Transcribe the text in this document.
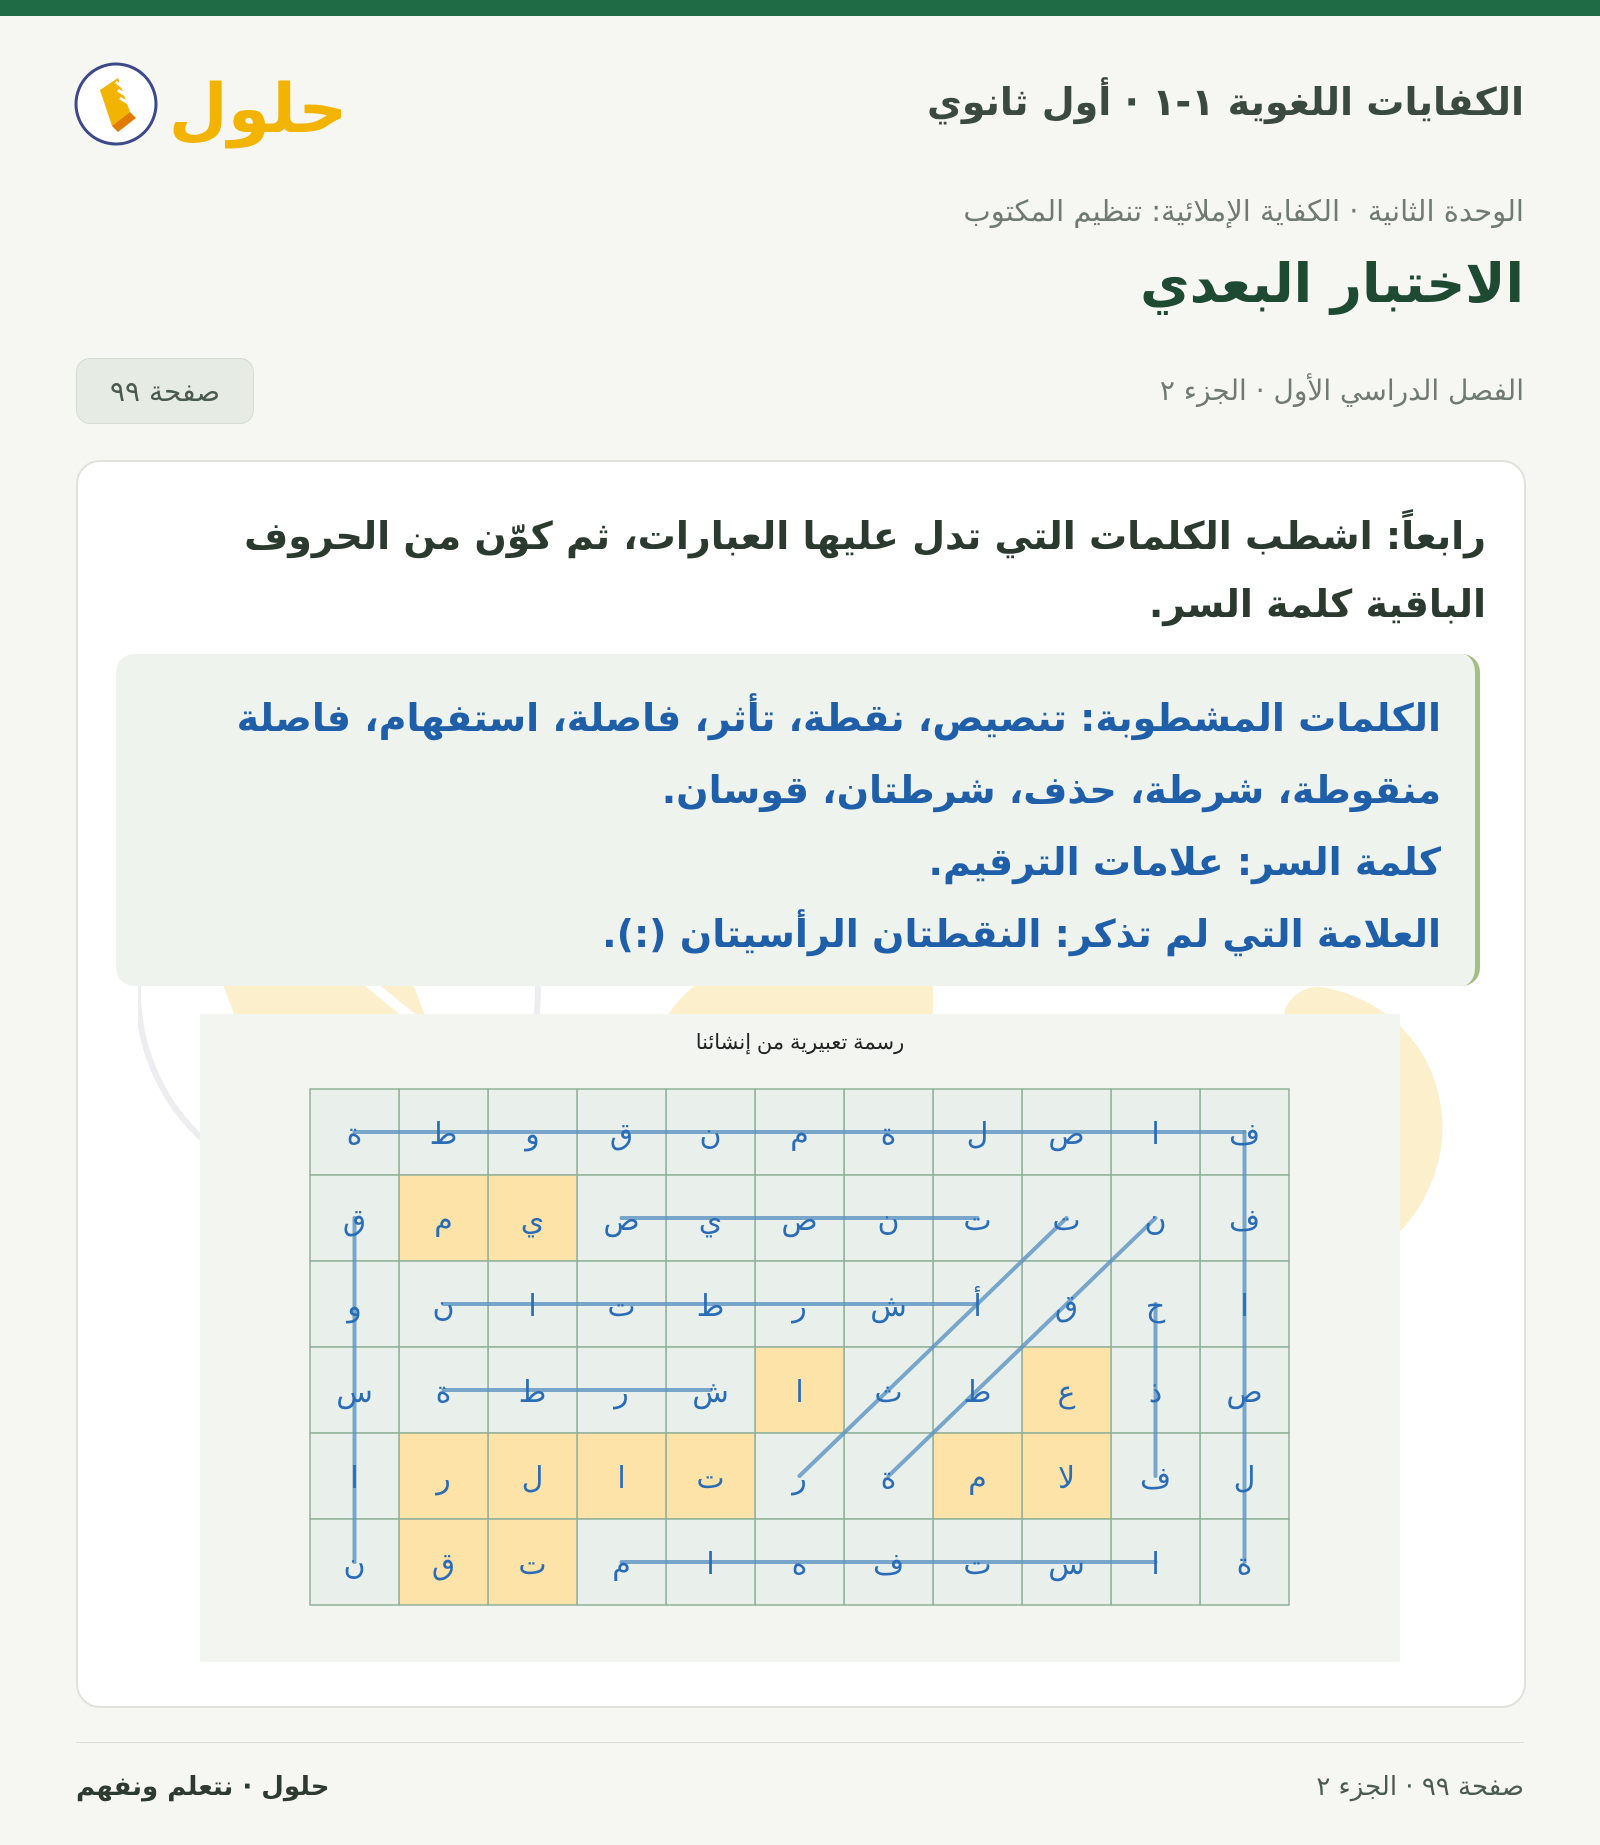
الكفايات اللغوية ١-١ · أول ثانوي
حلول
الوحدة الثانية · الكفاية الإملائية: تنظيم المكتوب
الاختبار البعدي
الفصل الدراسي الأول · الجزء ٢
صفحة ٩٩

رابعاً: اشطب الكلمات التي تدل عليها العبارات، ثم كوّن من الحروف الباقية كلمة السر.

الكلمات المشطوبة: تنصيص، نقطة، تأثر، فاصلة، استفهام، فاصلة منقوطة، شرطة، حذف، شرطتان، قوسان.

كلمة السر: علامات الترقيم.

العلامة التي لم تذكر: النقطتان الرأسيتان (:).

رسمة تعبيرية من إنشائنا
ف
ا
ص
ل
ة
م
ن
ق
و
ط
ة
ف
ن
ت
ت
ن
ص
ي
ص
ي
م
ق
ا
ح
ق
أ
ش
ر
ط
ت
ا
ن
و
ص
ذ
ع
ط
ث
ا
ش
ر
ط
ة
س
ل
ف
لا
م
ة
ر
ت
ا
ل
ر
ا
ة
ا
س
ت
ف
ه
ا
م
ت
ق
ن
صفحة ٩٩ · الجزء ٢
حلول · نتعلم ونفهم
